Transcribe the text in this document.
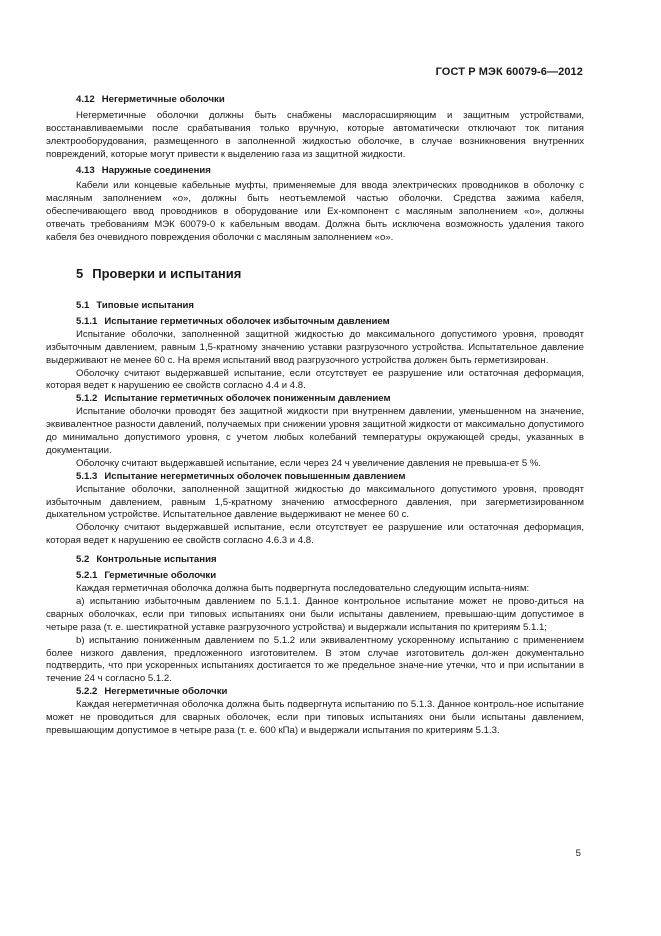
ГОСТ Р МЭК 60079-6—2012
4.12 Негерметичные оболочки

Негерметичные оболочки должны быть снабжены маслорасширяющим и защитным устройствами, восстанавливаемыми после срабатывания только вручную, которые автоматически отключают ток питания электрооборудования, размещенного в заполненной жидкостью оболочке, в случае возникновения внутренних повреждений, которые могут привести к выделению газа из защитной жидкости.

4.13 Наружные соединения

Кабели или концевые кабельные муфты, применяемые для ввода электрических проводников в оболочку с масляным заполнением «о», должны быть неотъемлемой частью оболочки. Средства зажима кабеля, обеспечивающего ввод проводников в оборудование или Ex-компонент с масляным заполнением «о», должны отвечать требованиям МЭК 60079-0 к кабельным вводам. Должна быть исключена возможность удаления такого кабеля без очевидного повреждения оболочки с масляным заполнением «о».

5 Проверки и испытания
5.1 Типовые испытания
5.1.1 Испытание герметичных оболочек избыточным давлением

Испытание оболочки, заполненной защитной жидкостью до максимального допустимого уровня, проводят избыточным давлением, равным 1,5-кратному значению уставки разгрузочного устройства. Испытательное давление выдерживают не менее 60 с. На время испытаний ввод разгрузочного устройства должен быть герметизирован.

Оболочку считают выдержавшей испытание, если отсутствует ее разрушение или остаточная деформация, которая ведет к нарушению ее свойств согласно 4.4 и 4.8.

5.1.2 Испытание герметичных оболочек пониженным давлением

Испытание оболочки проводят без защитной жидкости при внутреннем давлении, уменьшенном на значение, эквивалентное разности давлений, получаемых при снижении уровня защитной жидкости от максимально допустимого до минимально допустимого уровня, с учетом любых колебаний температуры окружающей среды, указанных в документации.

Оболочку считают выдержавшей испытание, если через 24 ч увеличение давления не превыша-ет 5 %.

5.1.3 Испытание негерметичных оболочек повышенным давлением

Испытание оболочки, заполненной защитной жидкостью до максимального допустимого уровня, проводят избыточным давлением, равным 1,5-кратному значению атмосферного давления, при загерметизированном дыхательном устройстве. Испытательное давление выдерживают не менее 60 с.

Оболочку считают выдержавшей испытание, если отсутствует ее разрушение или остаточная деформация, которая ведет к нарушению ее свойств согласно 4.6.3 и 4.8.

5.2 Контрольные испытания
5.2.1 Герметичные оболочки

Каждая герметичная оболочка должна быть подвергнута последовательно следующим испыта-ниям:

а) испытанию избыточным давлением по 5.1.1. Данное контрольное испытание может не прово-диться на сварных оболочках, если при типовых испытаниях они были испытаны давлением, превышаю-щим допустимое в четыре раза (т. е. шестикратной уставке разгрузочного устройства) и выдержали испытания по критериям 5.1.1;

b) испытанию пониженным давлением по 5.1.2 или эквивалентному ускоренному испытанию с применением более низкого давления, предложенного изготовителем. В этом случае изготовитель дол-жен документально подтвердить, что при ускоренных испытаниях достигается то же предельное значе-ние утечки, что и при испытании в течение 24 ч согласно 5.1.2.

5.2.2 Негерметичные оболочки

Каждая негерметичная оболочка должна быть подвергнута испытанию по 5.1.3. Данное контроль-ное испытание может не проводиться для сварных оболочек, если при типовых испытаниях они были испытаны давлением, превышающим допустимое в четыре раза (т. е. 600 кПа) и выдержали испытания по критериям 5.1.3.

5
